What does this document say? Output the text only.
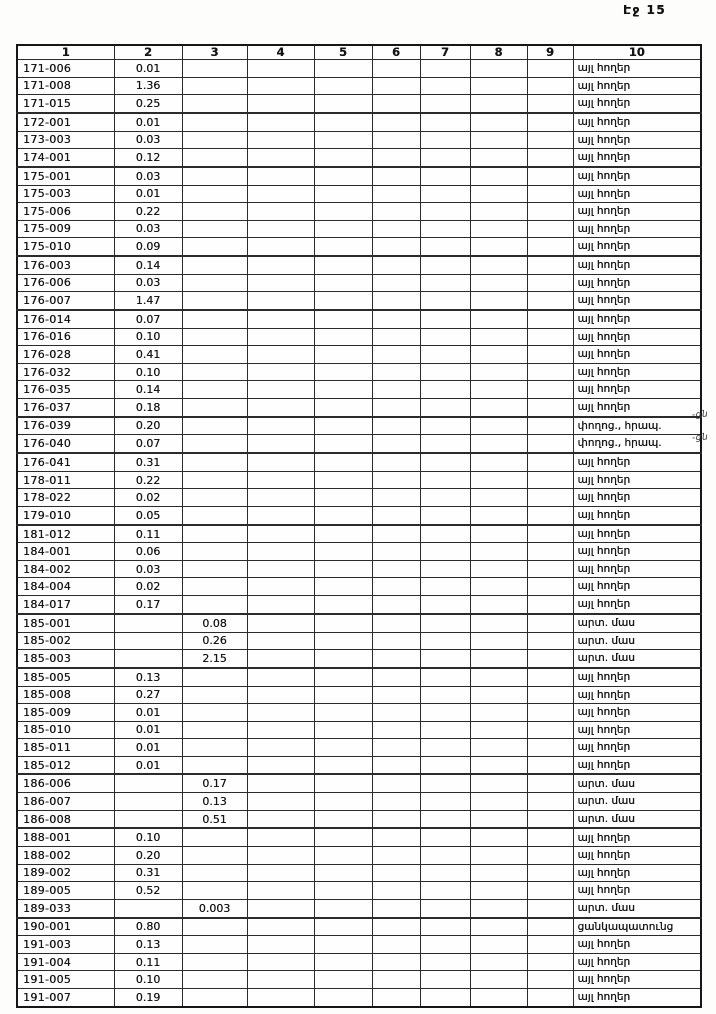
Էջ 15
1	2	3	4	5	6	7	8	9	10
171-006	0.01								այլ հողեր
171-008	1.36								այլ հողեր
171-015	0.25								այլ հողեր
172-001	0.01								այլ հողեր
173-003	0.03								այլ հողեր
174-001	0.12								այլ հողեր
175-001	0.03								այլ հողեր
175-003	0.01								այլ հողեր
175-006	0.22								այլ հողեր
175-009	0.03								այլ հողեր
175-010	0.09								այլ հողեր
176-003	0.14								այլ հողեր
176-006	0.03								այլ հողեր
176-007	1.47								այլ հողեր
176-014	0.07								այլ հողեր
176-016	0.10								այլ հողեր
176-028	0.41								այլ հողեր
176-032	0.10								այլ հողեր
176-035	0.14								այլ հողեր
176-037	0.18								այլ հողեր
176-039	0.20								փողոց., հրապ.
176-040	0.07								փողոց., հրապ.
176-041	0.31								այլ հողեր
178-011	0.22								այլ հողեր
178-022	0.02								այլ հողեր
179-010	0.05								այլ հողեր
181-012	0.11								այլ հողեր
184-001	0.06								այլ հողեր
184-002	0.03								այլ հողեր
184-004	0.02								այլ հողեր
184-017	0.17								այլ հողեր
185-001		0.08							արտ. մաս
185-002		0.26							արտ. մաս
185-003		2.15							արտ. մաս
185-005	0.13								այլ հողեր
185-008	0.27								այլ հողեր
185-009	0.01								այլ հողեր
185-010	0.01								այլ հողեր
185-011	0.01								այլ հողեր
185-012	0.01								այլ հողեր
186-006		0.17							արտ. մաս
186-007		0.13							արտ. մաս
186-008		0.51							արտ. մաս
188-001	0.10								այլ հողեր
188-002	0.20								այլ հողեր
189-002	0.31								այլ հողեր
189-005	0.52								այլ հողեր
189-033		0.003							արտ. մաս
190-001	0.80								ցանկապատունց
191-003	0.13								այլ հողեր
191-004	0.11								այլ հողեր
191-005	0.10								այլ հողեր
191-007	0.19								այլ հողեր
-ցն
-ցն
